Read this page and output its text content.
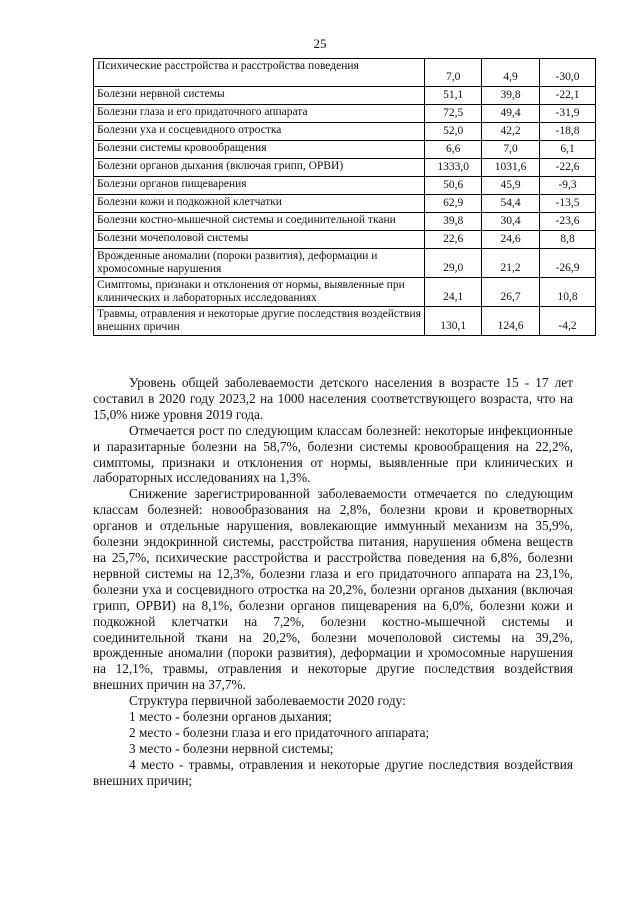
25
Психические расстройства и расстройства поведения	7,0	4,9	-30,0
Болезни нервной системы	51,1	39,8	-22,1
Болезни глаза и его придаточного аппарата	72,5	49,4	-31,9
Болезни уха и сосцевидного отростка	52,0	42,2	-18,8
Болезни системы кровообращения	6,6	7,0	6,1
Болезни органов дыхания (включая грипп, ОРВИ)	1333,0	1031,6	-22,6
Болезни органов пищеварения	50,6	45,9	-9,3
Болезни кожи и подкожной клетчатки	62,9	54,4	-13,5
Болезни костно-мышечной системы и соединительной ткани	39,8	30,4	-23,6
Болезни мочеполовой системы	22,6	24,6	8,8
Врожденные аномалии (пороки развития), деформации и хромосомные нарушения	29,0	21,2	-26,9
Симптомы, признаки и отклонения от нормы, выявленные при клинических и лабораторных исследованиях	24,1	26,7	10,8
Травмы, отравления и некоторые другие последствия воздействия внешних причин	130,1	124,6	-4,2

Уровень общей заболеваемости детского населения в возрасте 15 - 17 лет составил в 2020 году 2023,2 на 1000 населения соответствующего возраста, что на 15,0% ниже уровня 2019 года.

Отмечается рост по следующим классам болезней: некоторые инфекционные и паразитарные болезни на 58,7%, болезни системы кровообращения на 22,2%, симптомы, признаки и отклонения от нормы, выявленные при клинических и лабораторных исследованиях на 1,3%.

Снижение зарегистрированной заболеваемости отмечается по следующим классам болезней: новообразования на 2,8%, болезни крови и кроветворных органов и отдельные нарушения, вовлекающие иммунный механизм на 35,9%, болезни эндокринной системы, расстройства питания, нарушения обмена веществ на 25,7%, психические расстройства и расстройства поведения на 6,8%, болезни нервной системы на 12,3%, болезни глаза и его придаточного аппарата на 23,1%, болезни уха и сосцевидного отростка на 20,2%, болезни органов дыхания (включая грипп, ОРВИ) на 8,1%, болезни органов пищеварения на 6,0%, болезни кожи и подкожной клетчатки на 7,2%, болезни костно-мышечной системы и соединительной ткани на 20,2%, болезни мочеполовой системы на 39,2%, врожденные аномалии (пороки развития), деформации и хромосомные нарушения на 12,1%, травмы, отравления и некоторые другие последствия воздействия внешних причин на 37,7%.

Структура первичной заболеваемости 2020 году:

1 место - болезни органов дыхания;

2 место - болезни глаза и его придаточного аппарата;

3 место - болезни нервной системы;

4 место - травмы, отравления и некоторые другие последствия воздействия внешних причин;
